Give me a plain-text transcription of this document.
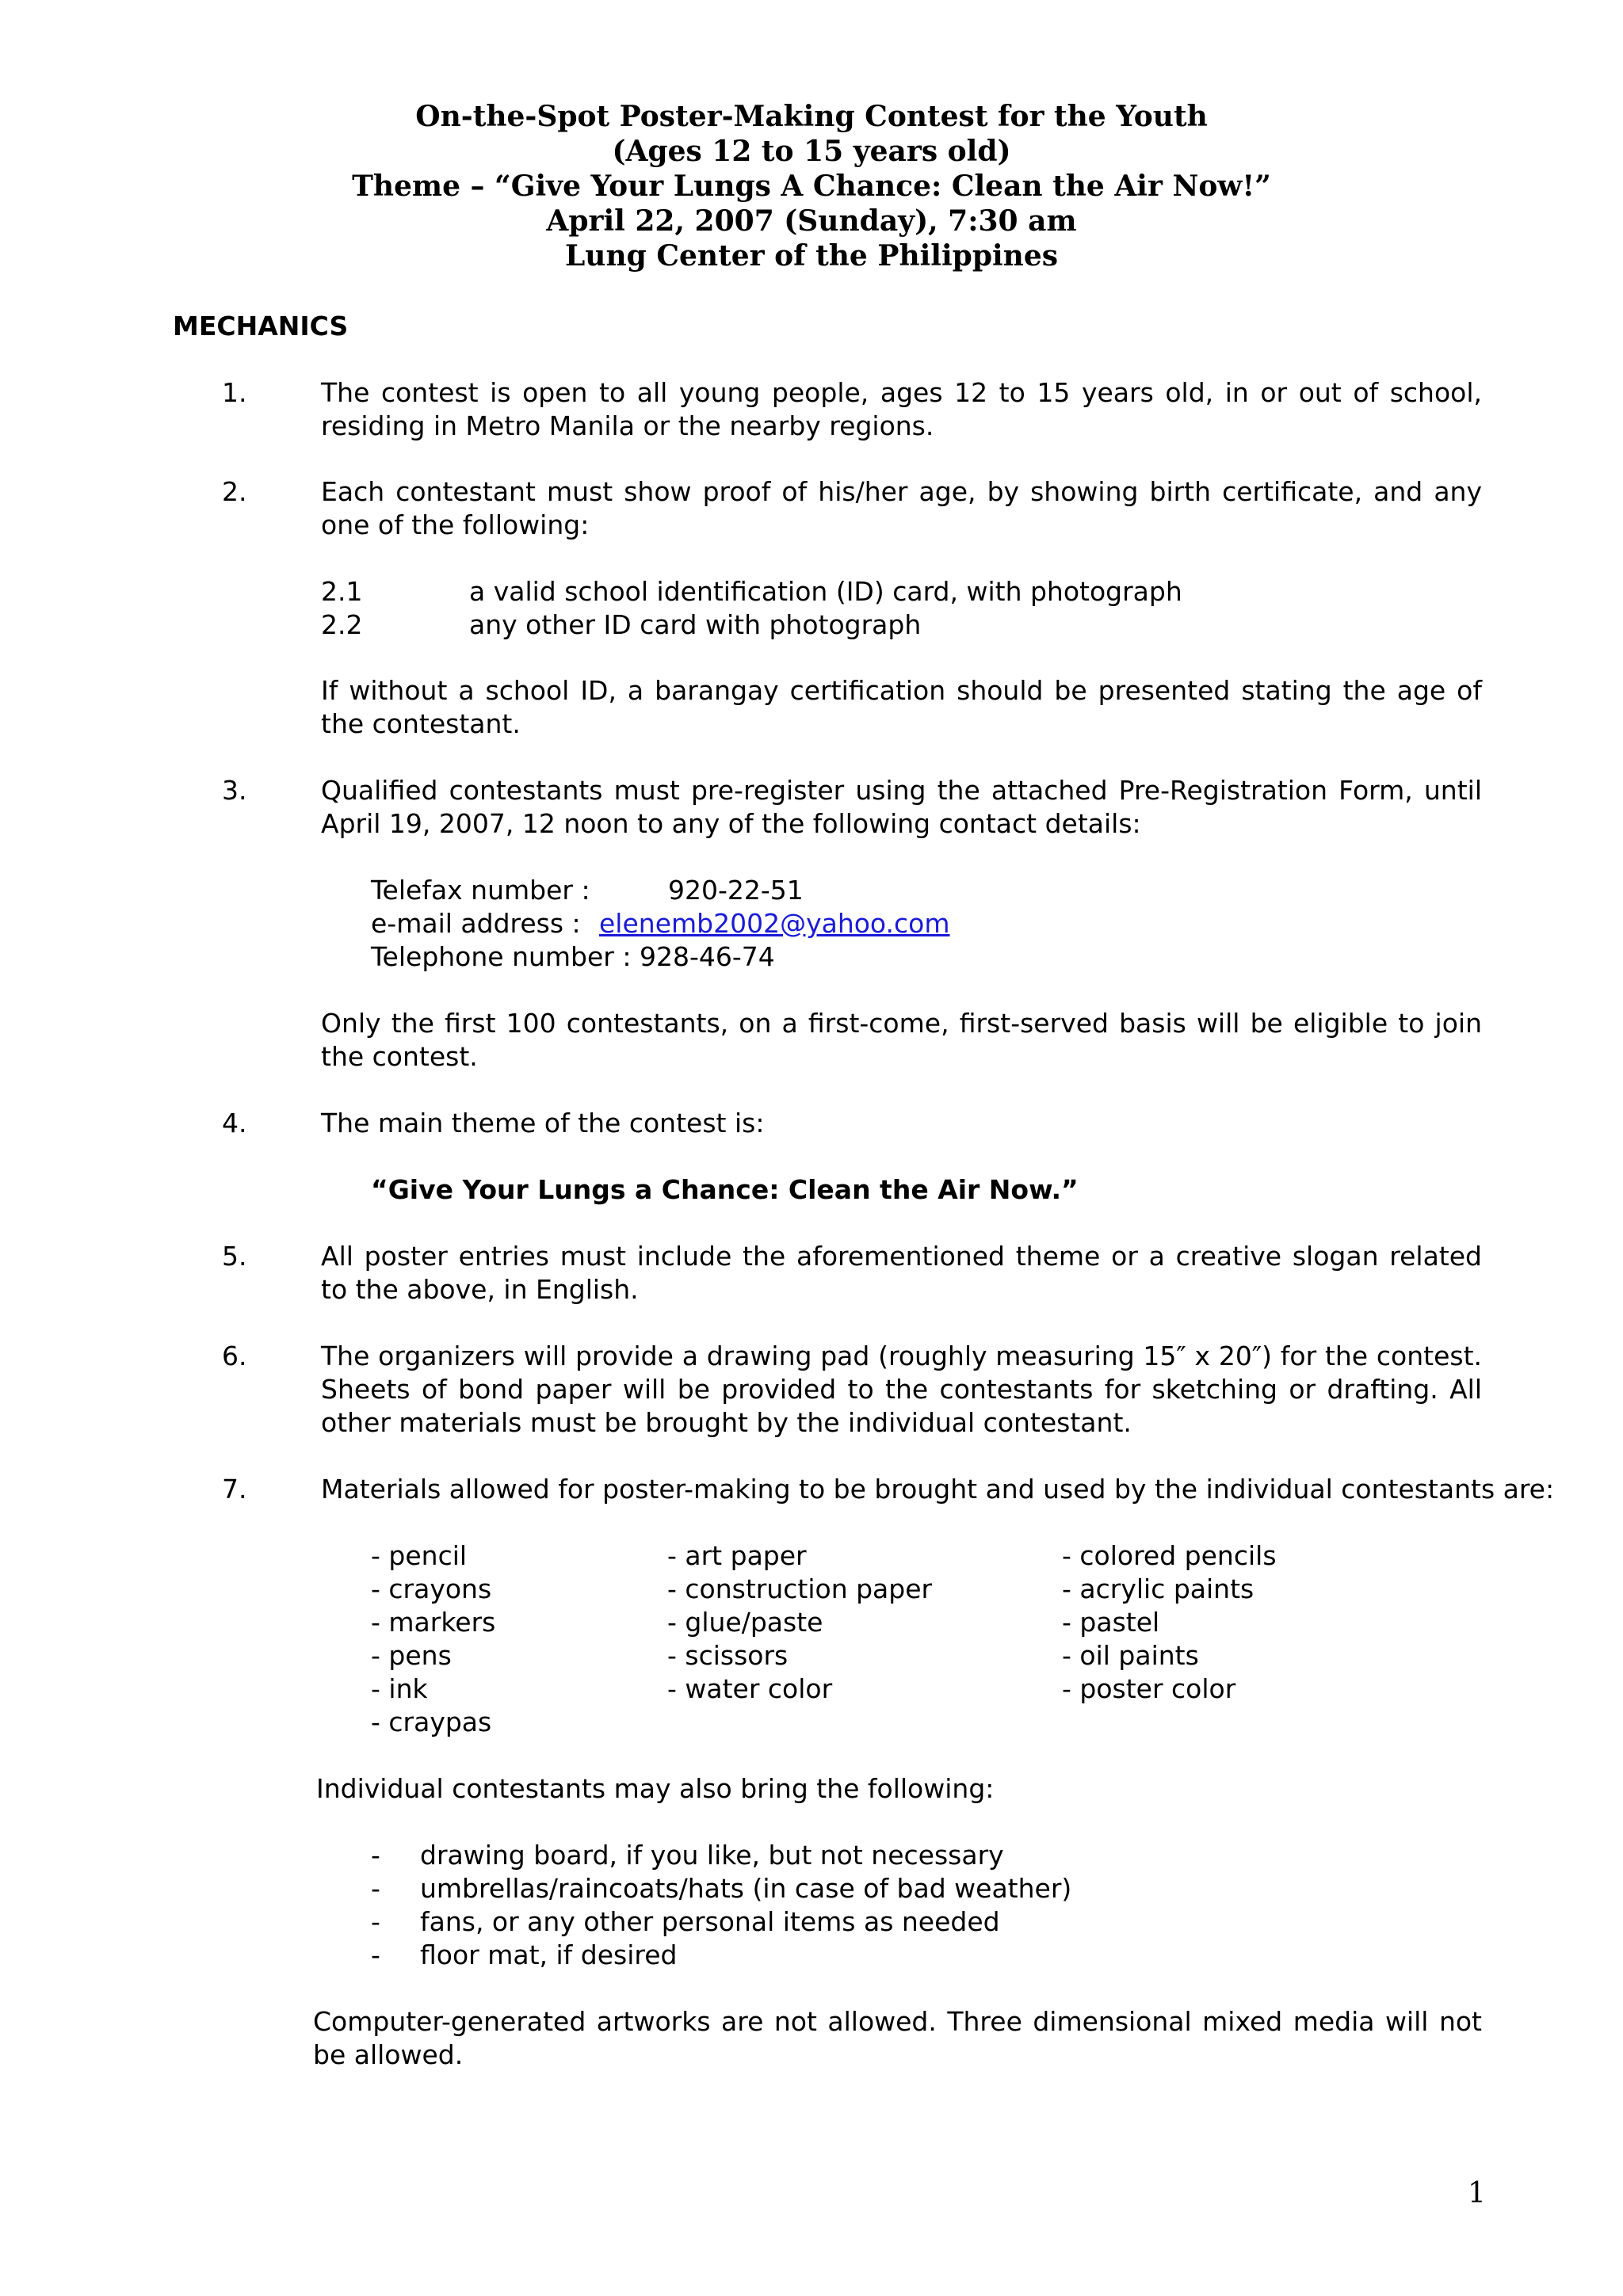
On-the-Spot Poster-Making Contest for the Youth
(Ages 12 to 15 years old)
Theme – “Give Your Lungs A Chance: Clean the Air Now!”
April 22, 2007 (Sunday), 7:30 am
Lung Center of the Philippines
MECHANICS
1.	The contest is open to all young people, ages 12 to 15 years old, in or out of school, residing in Metro Manila or the nearby regions.
2.	Each contestant must show proof of his/her age, by showing birth certificate, and any one of the following:
2.1	a valid school identification (ID) card, with photograph
2.2	any other ID card with photograph
If without a school ID, a barangay certification should be presented stating the age of the contestant.
3.	Qualified contestants must pre-register using the attached Pre-Registration Form, until April 19, 2007, 12 noon to any of the following contact details:
Telefax number :	920-22-51
e-mail address : elenemb2002@yahoo.com
Telephone number : 928-46-74
Only the first 100 contestants, on a first-come, first-served basis will be eligible to join the contest.
4.	The main theme of the contest is:
“Give Your Lungs a Chance: Clean the Air Now.”
5.	All poster entries must include the aforementioned theme or a creative slogan related to the above, in English.
6.	The organizers will provide a drawing pad (roughly measuring 15″ x 20″) for the contest. Sheets of bond paper will be provided to the contestants for sketching or drafting. All other materials must be brought by the individual contestant.
7.	Materials allowed for poster-making to be brought and used by the individual contestants are:
- pencil
- crayons
- markers
- pens
- ink
- craypas
- art paper
- construction paper
- glue/paste
- scissors
- water color
- colored pencils
- acrylic paints
- pastel
- oil paints
- poster color
Individual contestants may also bring the following:
- drawing board, if you like, but not necessary
- umbrellas/raincoats/hats (in case of bad weather)
- fans, or any other personal items as needed
- floor mat, if desired
Computer-generated artworks are not allowed. Three dimensional mixed media will not be allowed.
1
